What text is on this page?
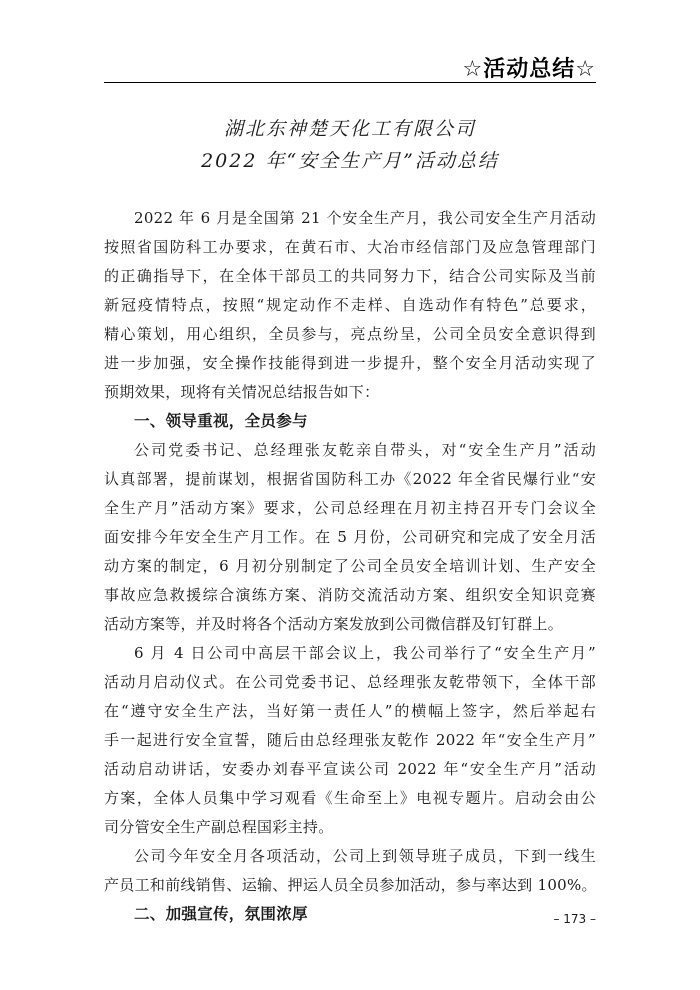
☆活动总结☆
湖北东神楚天化工有限公司
2022 年“安全生产月”活动总结
2022 年 6 月是全国第 21 个安全生产月，我公司安全生产月活动
按照省国防科工办要求，在黄石市、大冶市经信部门及应急管理部门
的正确指导下，在全体干部员工的共同努力下，结合公司实际及当前
新冠疫情特点，按照“规定动作不走样、自选动作有特色”总要求，
精心策划，用心组织，全员参与，亮点纷呈，公司全员安全意识得到
进一步加强，安全操作技能得到进一步提升，整个安全月活动实现了
预期效果，现将有关情况总结报告如下：
一、领导重视，全员参与
公司党委书记、总经理张友乾亲自带头，对“安全生产月”活动
认真部署，提前谋划，根据省国防科工办《2022 年全省民爆行业“安
全生产月”活动方案》要求，公司总经理在月初主持召开专门会议全
面安排今年安全生产月工作。在 5 月份，公司研究和完成了安全月活
动方案的制定，6 月初分别制定了公司全员安全培训计划、生产安全
事故应急救援综合演练方案、消防交流活动方案、组织安全知识竞赛
活动方案等，并及时将各个活动方案发放到公司微信群及钉钉群上。
6 月 4 日公司中高层干部会议上，我公司举行了“安全生产月”
活动月启动仪式。在公司党委书记、总经理张友乾带领下，全体干部
在“遵守安全生产法，当好第一责任人”的横幅上签字，然后举起右
手一起进行安全宣誓，随后由总经理张友乾作 2022 年“安全生产月”
活动启动讲话，安委办刘春平宣读公司 2022 年“安全生产月”活动
方案，全体人员集中学习观看《生命至上》电视专题片。启动会由公
司分管安全生产副总程国彩主持。
公司今年安全月各项活动，公司上到领导班子成员，下到一线生
产员工和前线销售、运输、押运人员全员参加活动，参与率达到 100%。
二、加强宣传，氛围浓厚	– 173 –
